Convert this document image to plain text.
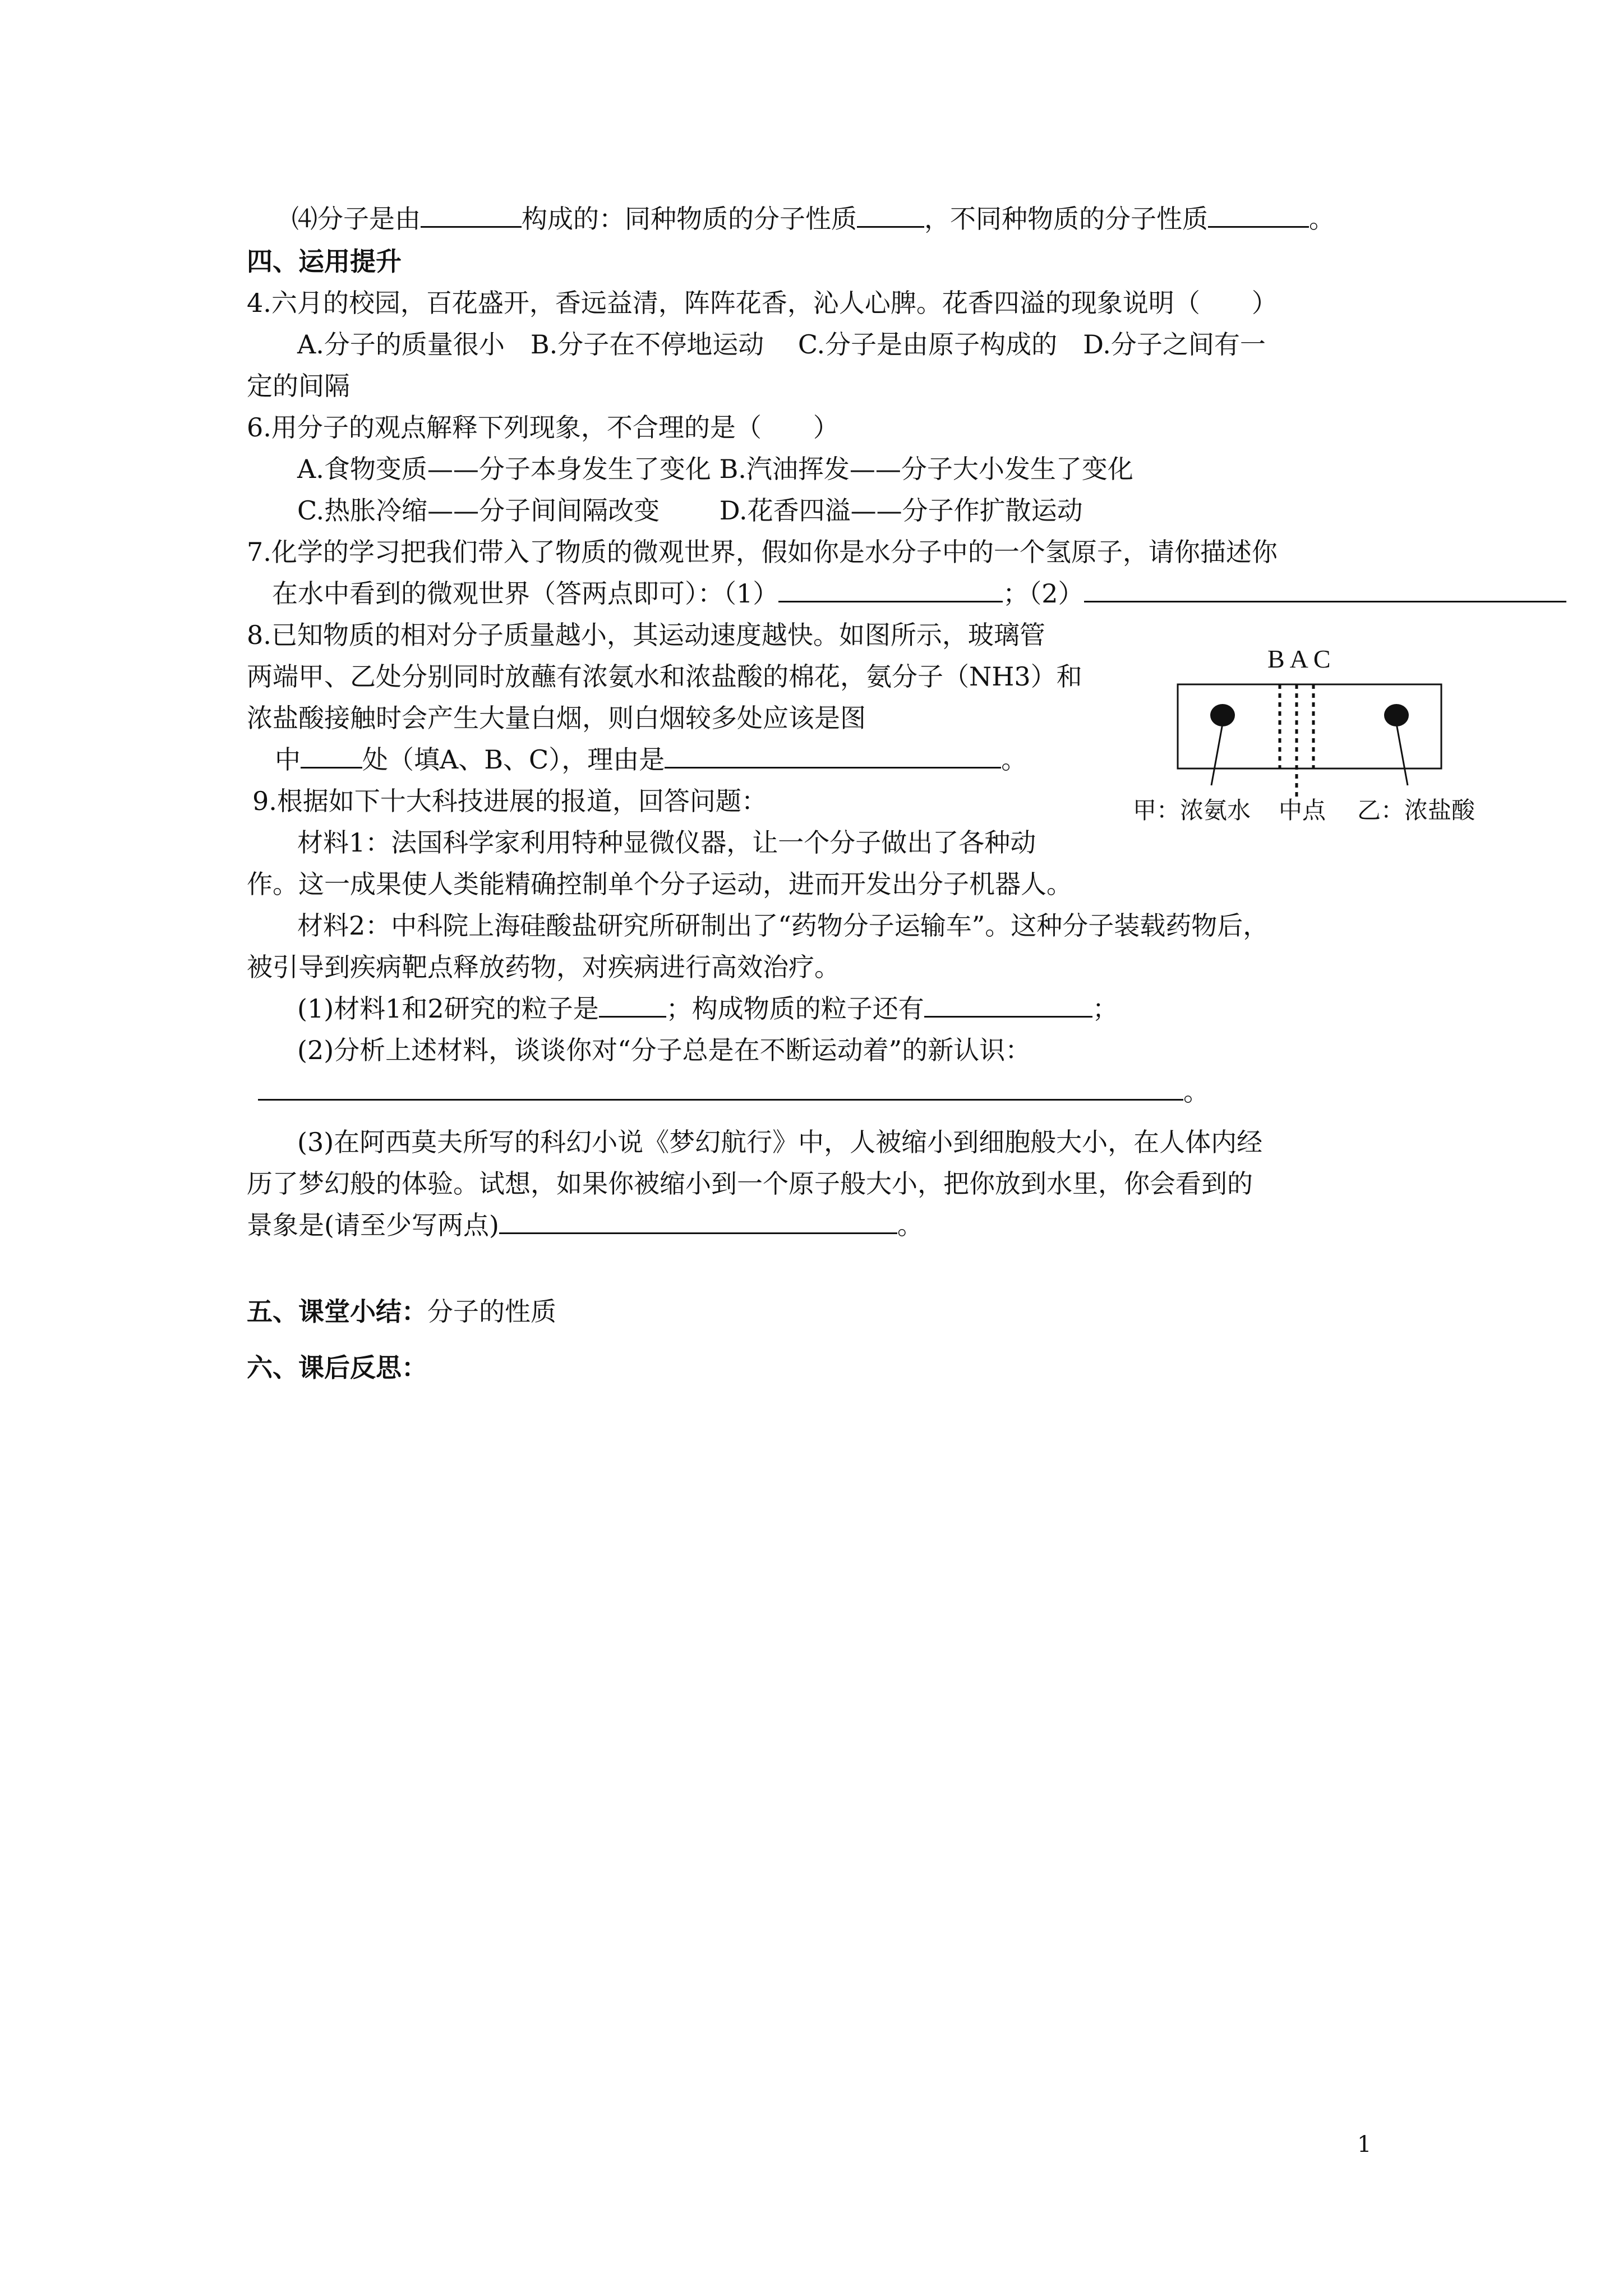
⑷分子是由	构成的：同种物质的分子性质	，不同种物质的分子性质	。
四、运用提升
4.六月的校园，百花盛开，香远益清，阵阵花香，沁人心脾。花香四溢的现象说明（　　）
A.分子的质量很小　B.分子在不停地运动　 C.分子是由原子构成的　D.分子之间有一
定的间隔
6.用分子的观点解释下列现象，不合理的是（　　）
A.食物变质——分子本身发生了变化 B.汽油挥发——分子大小发生了变化
C.热胀冷缩——分子间间隔改变　　 D.花香四溢——分子作扩散运动
7.化学的学习把我们带入了物质的微观世界，假如你是水分子中的一个氢原子，请你描述你
在水中看到的微观世界（答两点即可）：（1）	；（2）
8.已知物质的相对分子质量越小，其运动速度越快。如图所示，玻璃管
两端甲、乙处分别同时放蘸有浓氨水和浓盐酸的棉花，氨分子（NH3）和
浓盐酸接触时会产生大量白烟，则白烟较多处应该是图
中 处（填A、B、C），理由是	。
B A C
甲：浓氨水 中点 乙：浓盐酸
9.根据如下十大科技进展的报道，回答问题：
材料1：法国科学家利用特种显微仪器，让一个分子做出了各种动
作。这一成果使人类能精确控制单个分子运动，进而开发出分子机器人。
材料2：中科院上海硅酸盐研究所研制出了“药物分子运输车”。这种分子装载药物后，
被引导到疾病靶点释放药物，对疾病进行高效治疗。
(1)材料1和2研究的粒子是	；构成物质的粒子还有	；
(2)分析上述材料，谈谈你对“分子总是在不断运动着”的新认识：
。
(3)在阿西莫夫所写的科幻小说《梦幻航行》中，人被缩小到细胞般大小，在人体内经
历了梦幻般的体验。试想，如果你被缩小到一个原子般大小，把你放到水里，你会看到的
景象是(请至少写两点)	。
五、课堂小结：分子的性质
六、课后反思：
1
